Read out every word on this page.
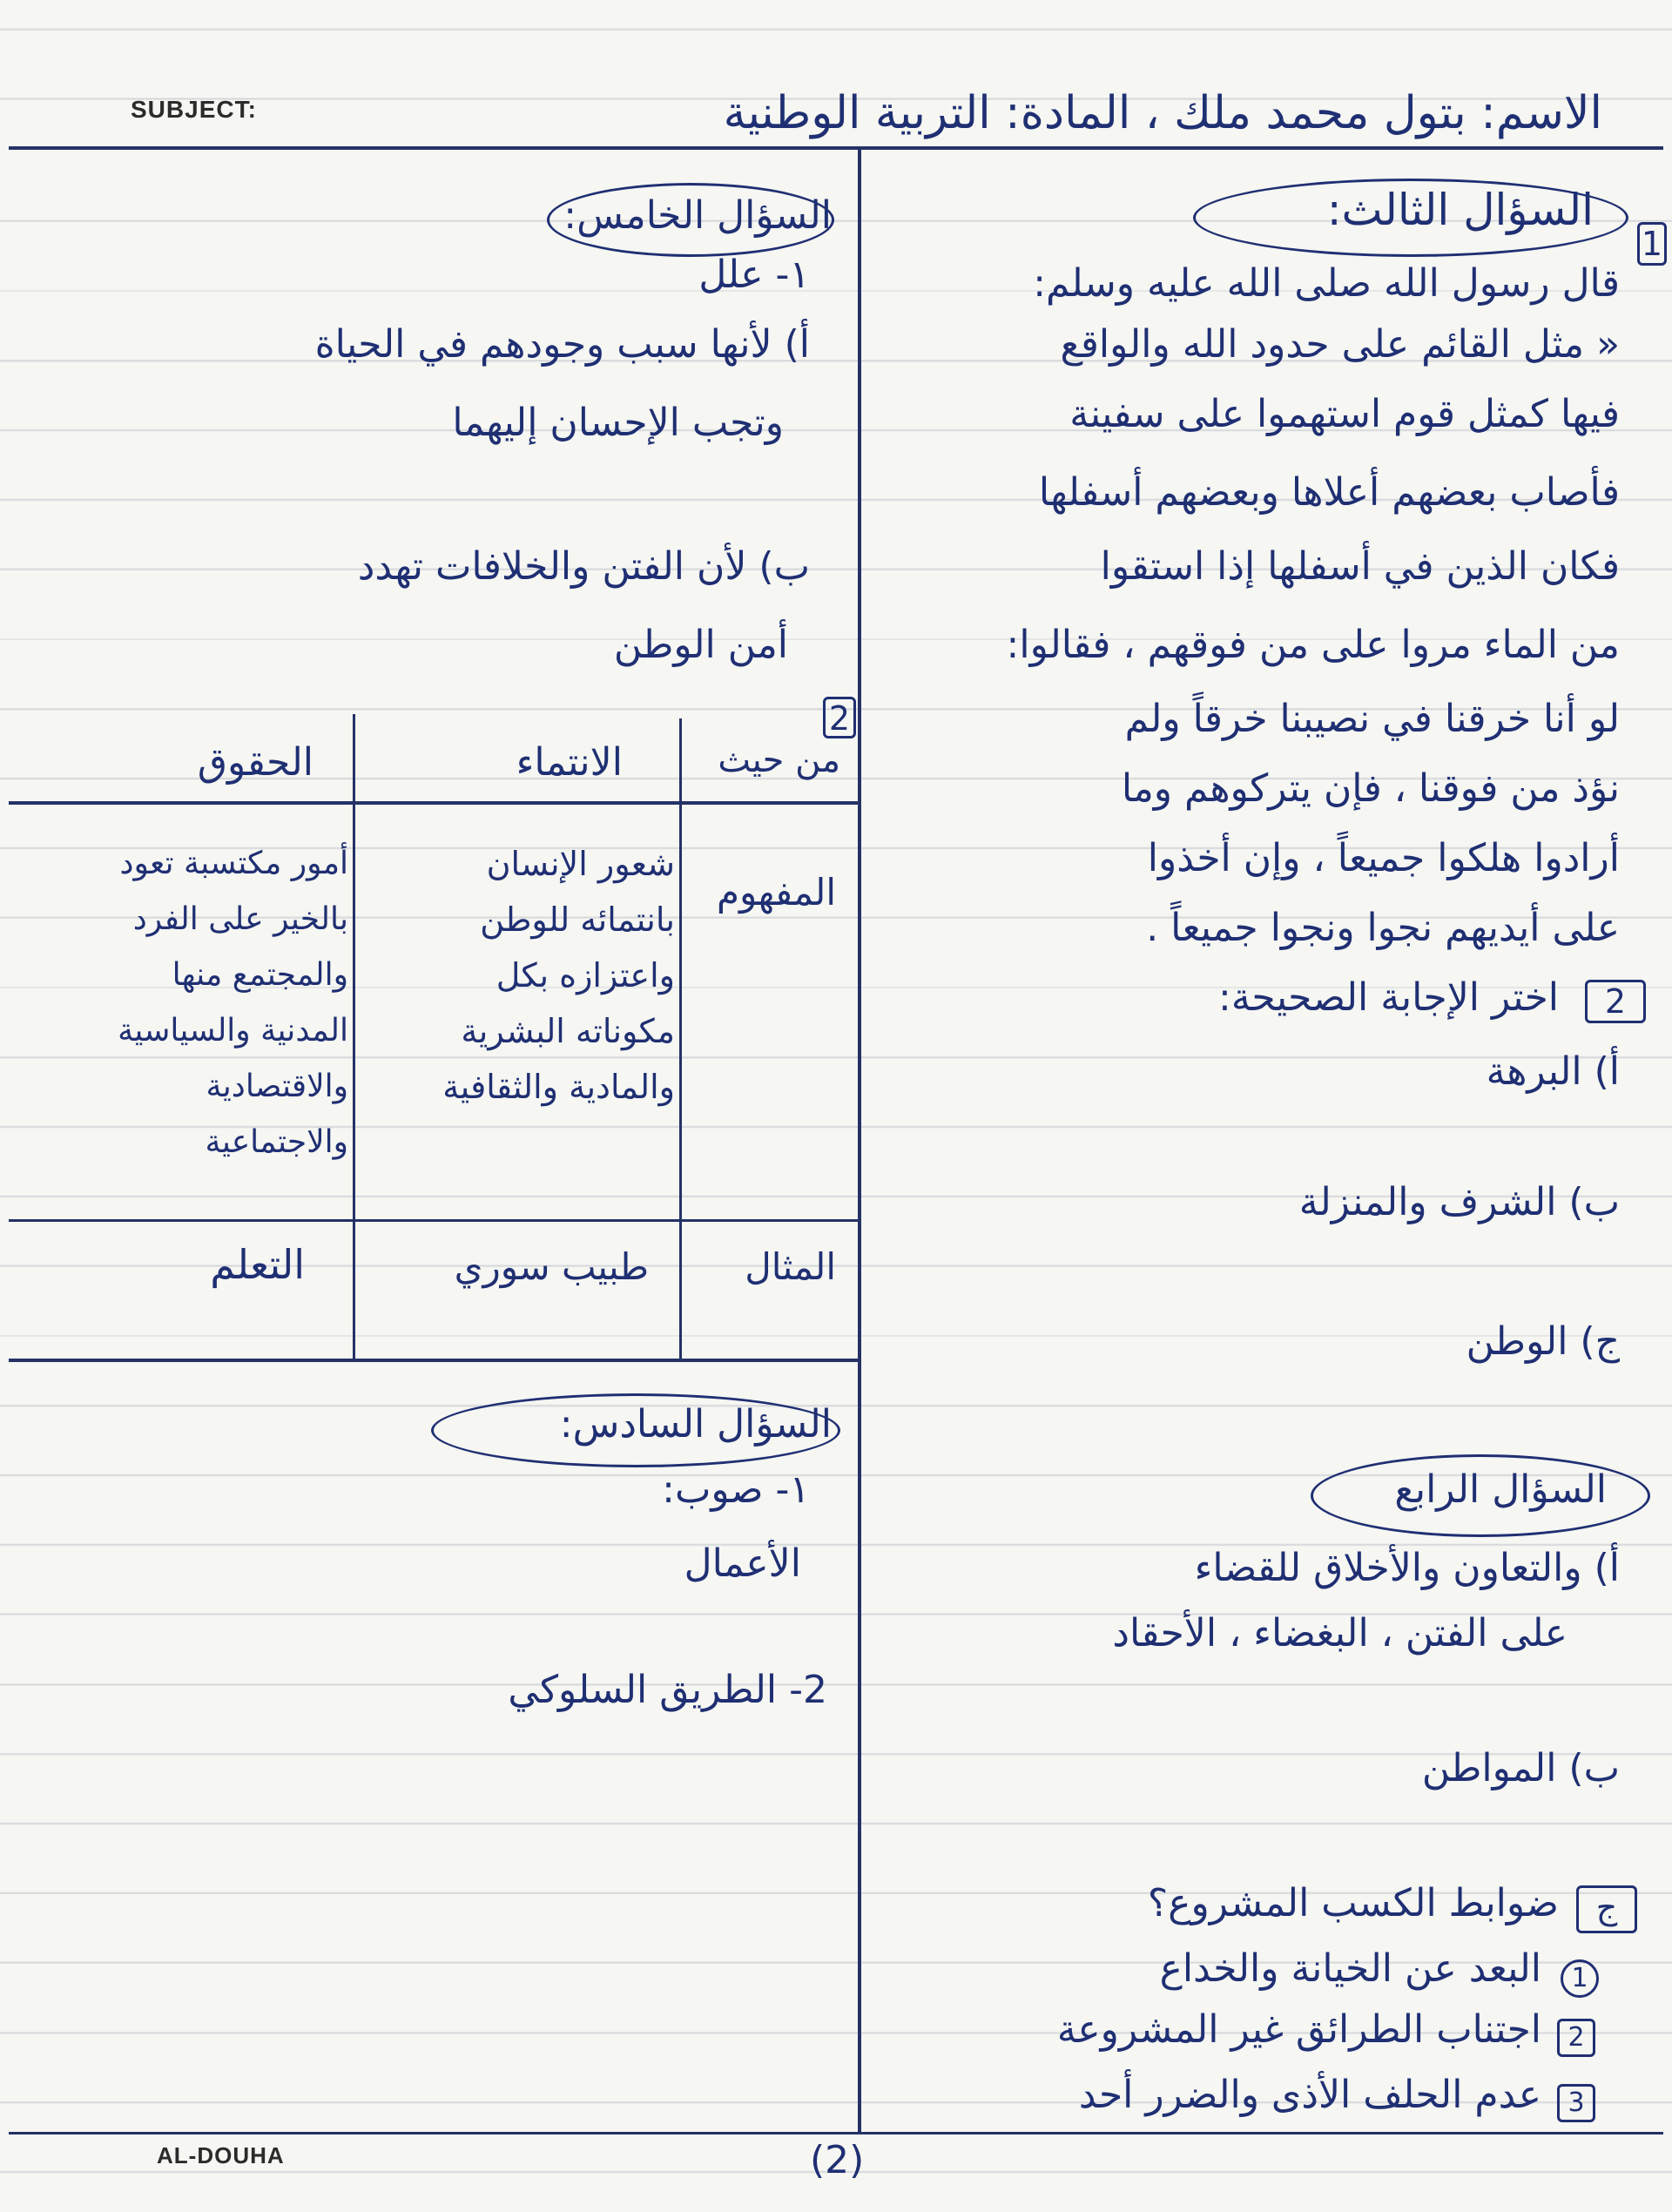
SUBJECT:	الاسم: بتول محمد ملك ، المادة: التربية الوطنية
1
السؤال الثالث:
قال رسول الله صلى الله عليه وسلم:
« مثل القائم على حدود الله والواقع
فيها كمثل قوم استهموا على سفينة
فأصاب بعضهم أعلاها وبعضهم أسفلها
فكان الذين في أسفلها إذا استقوا
من الماء مروا على من فوقهم ، فقالوا:
لو أنا خرقنا في نصيبنا خرقاً ولم
نؤذ من فوقنا ، فإن يتركوهم وما
أرادوا هلكوا جميعاً ، وإن أخذوا
على أيديهم نجوا ونجوا جميعاً .
2
اختر الإجابة الصحيحة:
أ) البرهة
ب) الشرف والمنزلة
ج) الوطن
السؤال الرابع
أ) والتعاون والأخلاق للقضاء
على الفتن ، البغضاء ، الأحقاد
ب) المواطن
ج
ضوابط الكسب المشروع؟
1
البعد عن الخيانة والخداع
2
اجتناب الطرائق غير المشروعة
3
عدم الحلف الأذى والضرر أحد
السؤال الخامس:
١- علل
أ) لأنها سبب وجودهم في الحياة
وتجب الإحسان إليهما
ب) لأن الفتن والخلافات تهدد
أمن الوطن
2
من حيث
الانتماء
الحقوق
المفهوم
شعور الإنسان
بانتمائه للوطن
واعتزازه بكل
مكوناته البشرية
والمادية والثقافية
أمور مكتسبة تعود
بالخير على الفرد
والمجتمع منها
المدنية والسياسية
والاقتصادية
والاجتماعية
المثال
طبيب سوري
التعلم
السؤال السادس:
١- صوب:
الأعمال
2- الطريق السلوكي
AL-DOUHA	(2)
